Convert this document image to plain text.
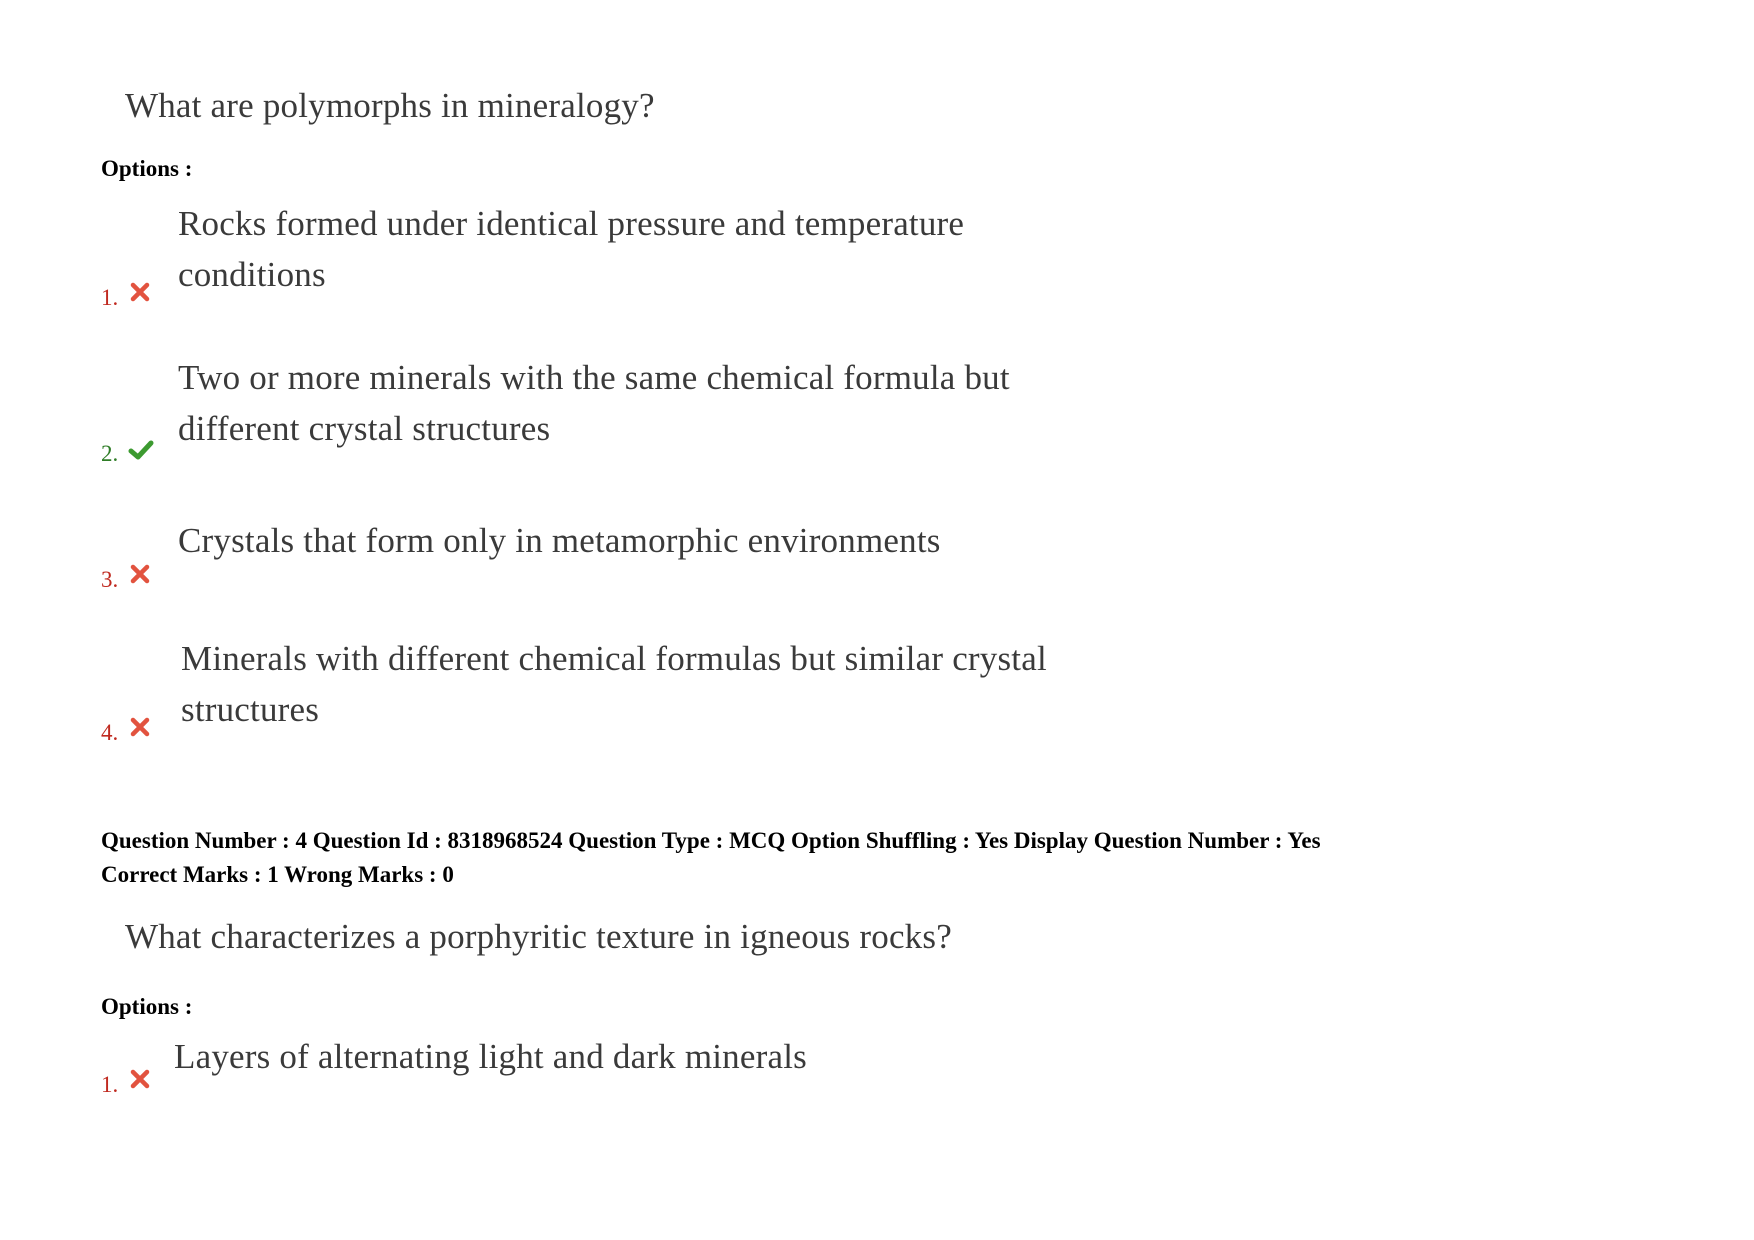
What are polymorphs in mineralogy?
Options :
Rocks formed under identical pressure and temperature
conditions
1.
Two or more minerals with the same chemical formula but
different crystal structures
2.
Crystals that form only in metamorphic environments
3.
Minerals with different chemical formulas but similar crystal
structures
4.
Question Number : 4 Question Id : 8318968524 Question Type : MCQ Option Shuffling : Yes Display Question Number : Yes
Correct Marks : 1 Wrong Marks : 0
What characterizes a porphyritic texture in igneous rocks?
Options :
Layers of alternating light and dark minerals
1.
